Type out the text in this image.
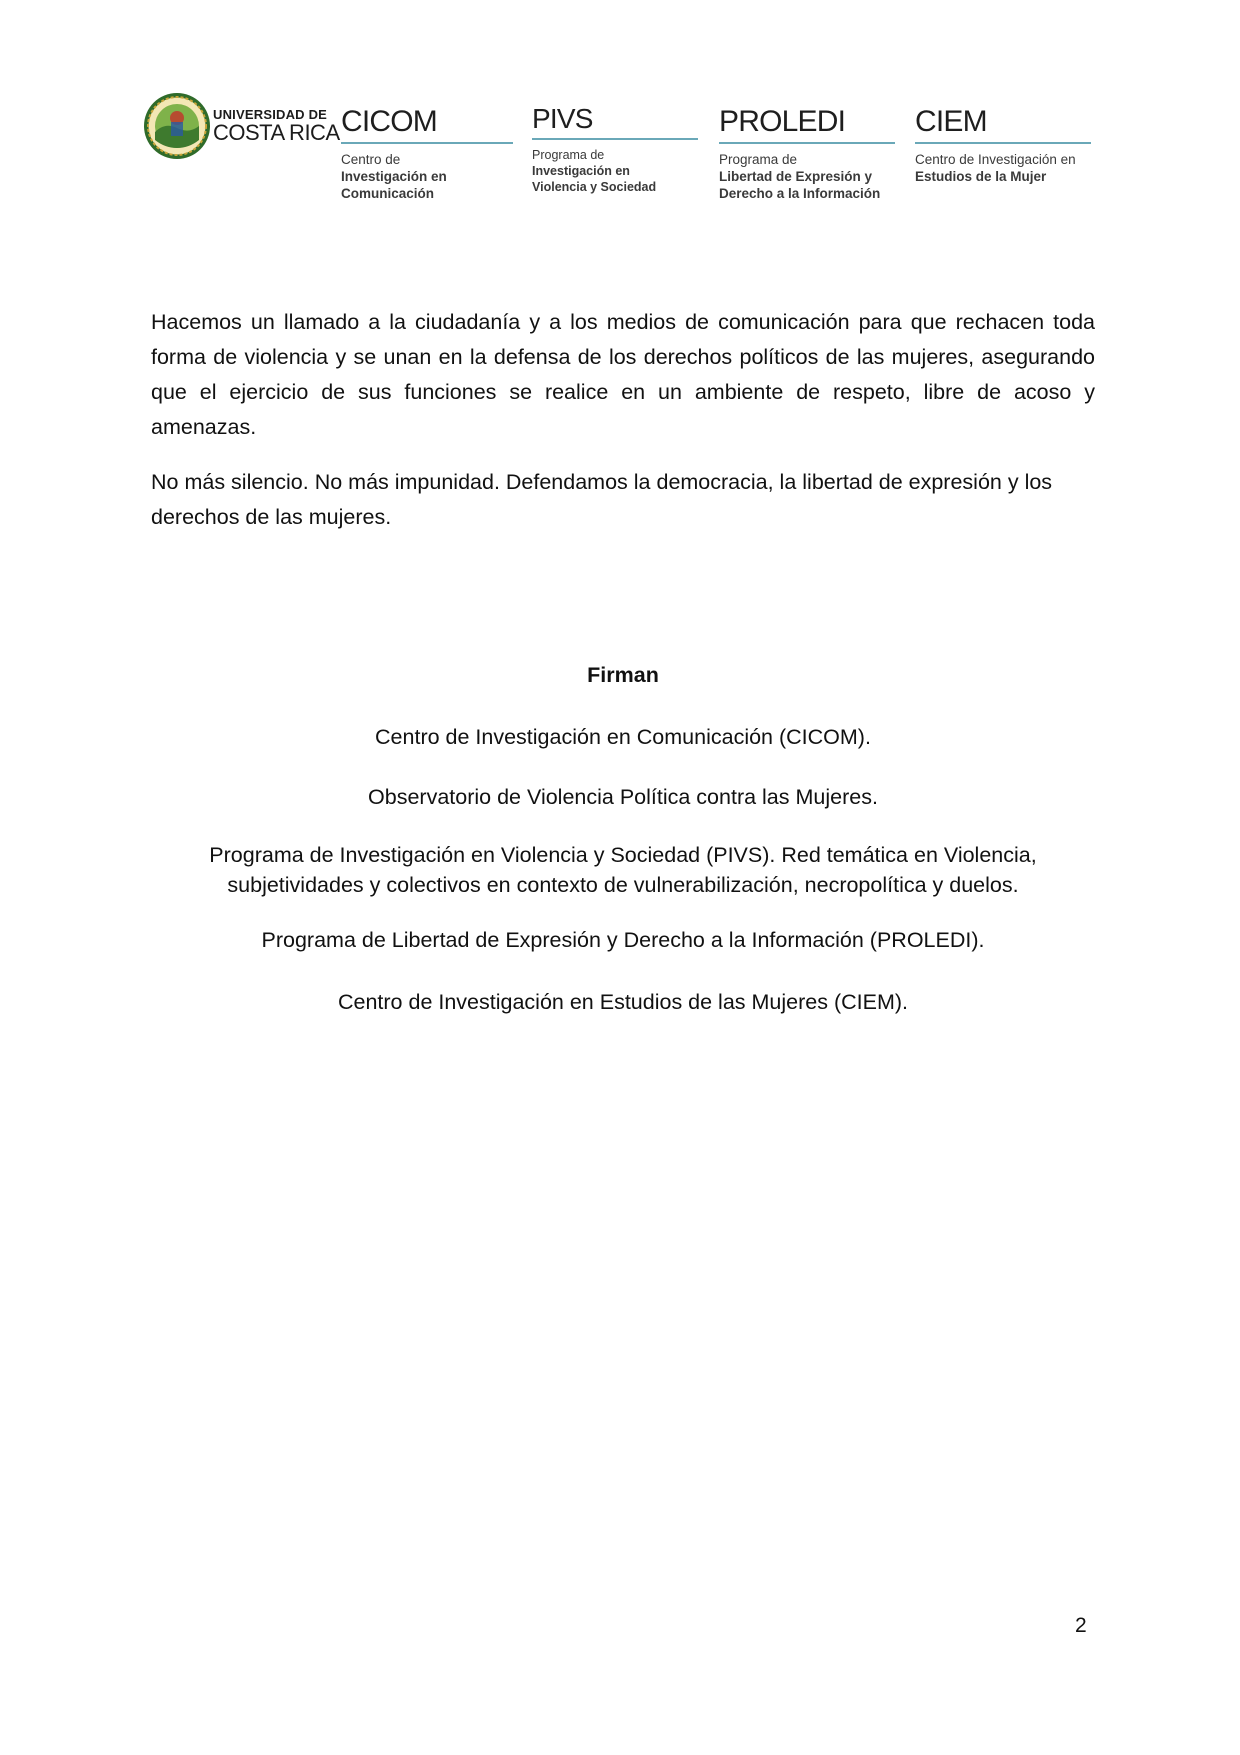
UNIVERSIDAD DE
COSTA RICA CICOM
Centro de
Investigación en
Comunicación
PIVS
Programa de
Investigación en
Violencia y Sociedad
PROLEDI
Programa de
Libertad de Expresión y
Derecho a la Información
CIEM
Centro de Investigación en
Estudios de la Mujer

Hacemos un llamado a la ciudadanía y a los medios de comunicación para que rechacen toda forma de violencia y se unan en la defensa de los derechos políticos de las mujeres, asegurando que el ejercicio de sus funciones se realice en un ambiente de respeto, libre de acoso y amenazas.

No más silencio. No más impunidad. Defendamos la democracia, la libertad de expresión y los derechos de las mujeres.

Firman
Centro de Investigación en Comunicación (CICOM).
Observatorio de Violencia Política contra las Mujeres.
Programa de Investigación en Violencia y Sociedad (PIVS). Red temática en Violencia, subjetividades y colectivos en contexto de vulnerabilización, necropolítica y duelos.
Programa de Libertad de Expresión y Derecho a la Información (PROLEDI).
Centro de Investigación en Estudios de las Mujeres (CIEM).
2
